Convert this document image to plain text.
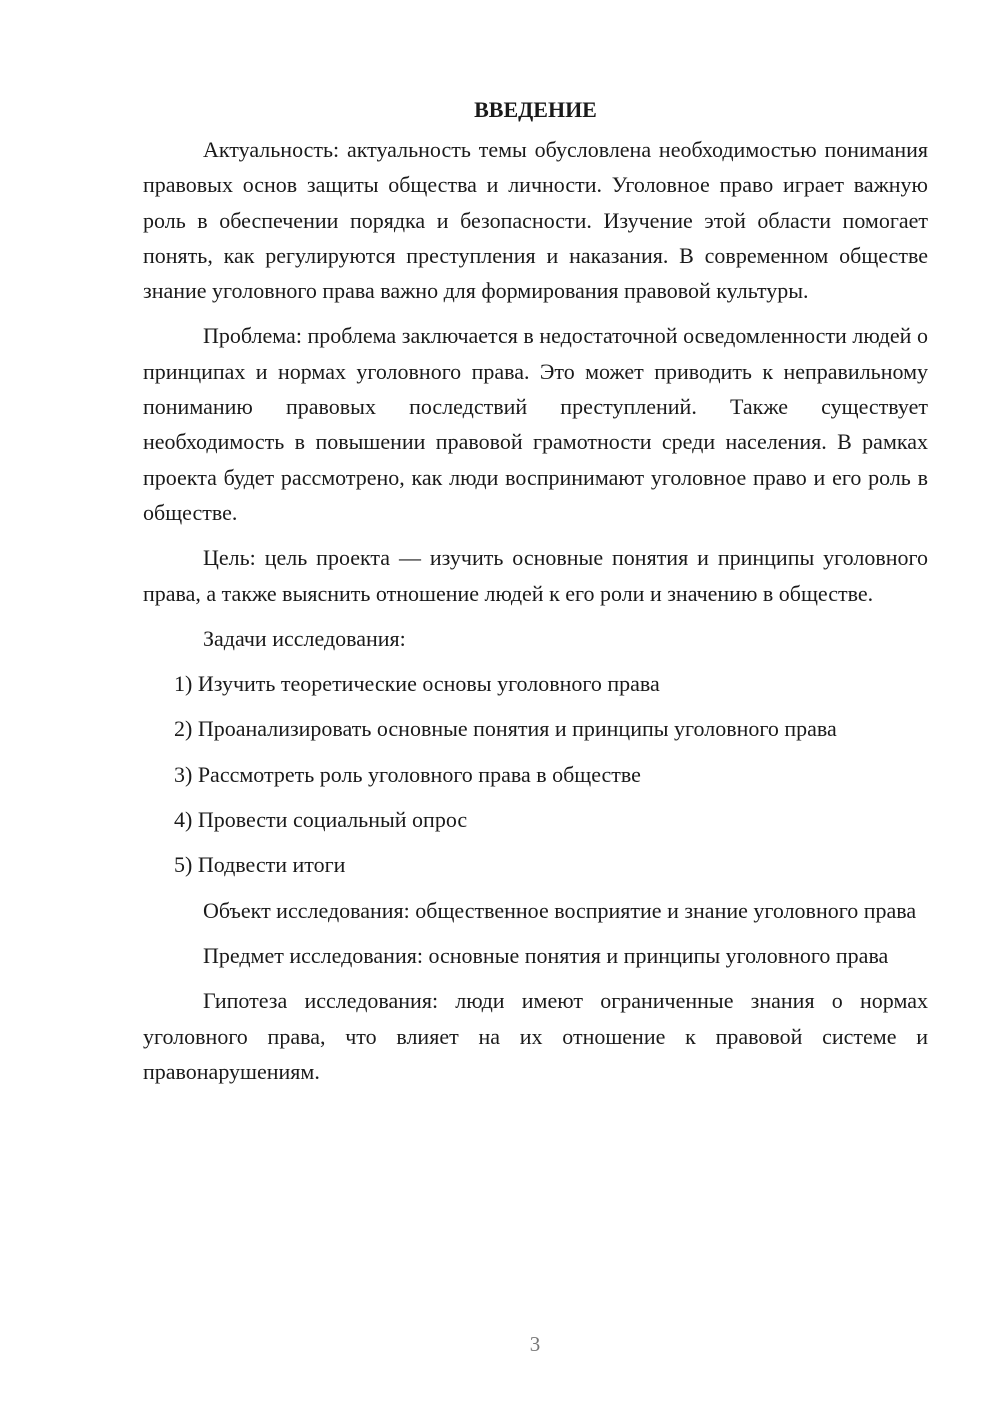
ВВЕДЕНИЕ

Актуальность: актуальность темы обусловлена необходимостью понимания правовых основ защиты общества и личности. Уголовное право играет важную роль в обеспечении порядка и безопасности. Изучение этой области помогает понять, как регулируются преступления и наказания. В современном обществе знание уголовного права важно для формирования правовой культуры.

Проблема: проблема заключается в недостаточной осведомленности людей о принципах и нормах уголовного права. Это может приводить к неправильному пониманию правовых последствий преступлений. Также существует необходимость в повышении правовой грамотности среди населения. В рамках проекта будет рассмотрено, как люди воспринимают уголовное право и его роль в обществе.

Цель: цель проекта — изучить основные понятия и принципы уголовного права, а также выяснить отношение людей к его роли и значению в обществе.

Задачи исследования:

1) Изучить теоретические основы уголовного права

2) Проанализировать основные понятия и принципы уголовного права

3) Рассмотреть роль уголовного права в обществе

4) Провести социальный опрос

5) Подвести итоги

Объект исследования: общественное восприятие и знание уголовного права

Предмет исследования: основные понятия и принципы уголовного права

Гипотеза исследования: люди имеют ограниченные знания о нормах уголовного права, что влияет на их отношение к правовой системе и правонарушениям.

3
